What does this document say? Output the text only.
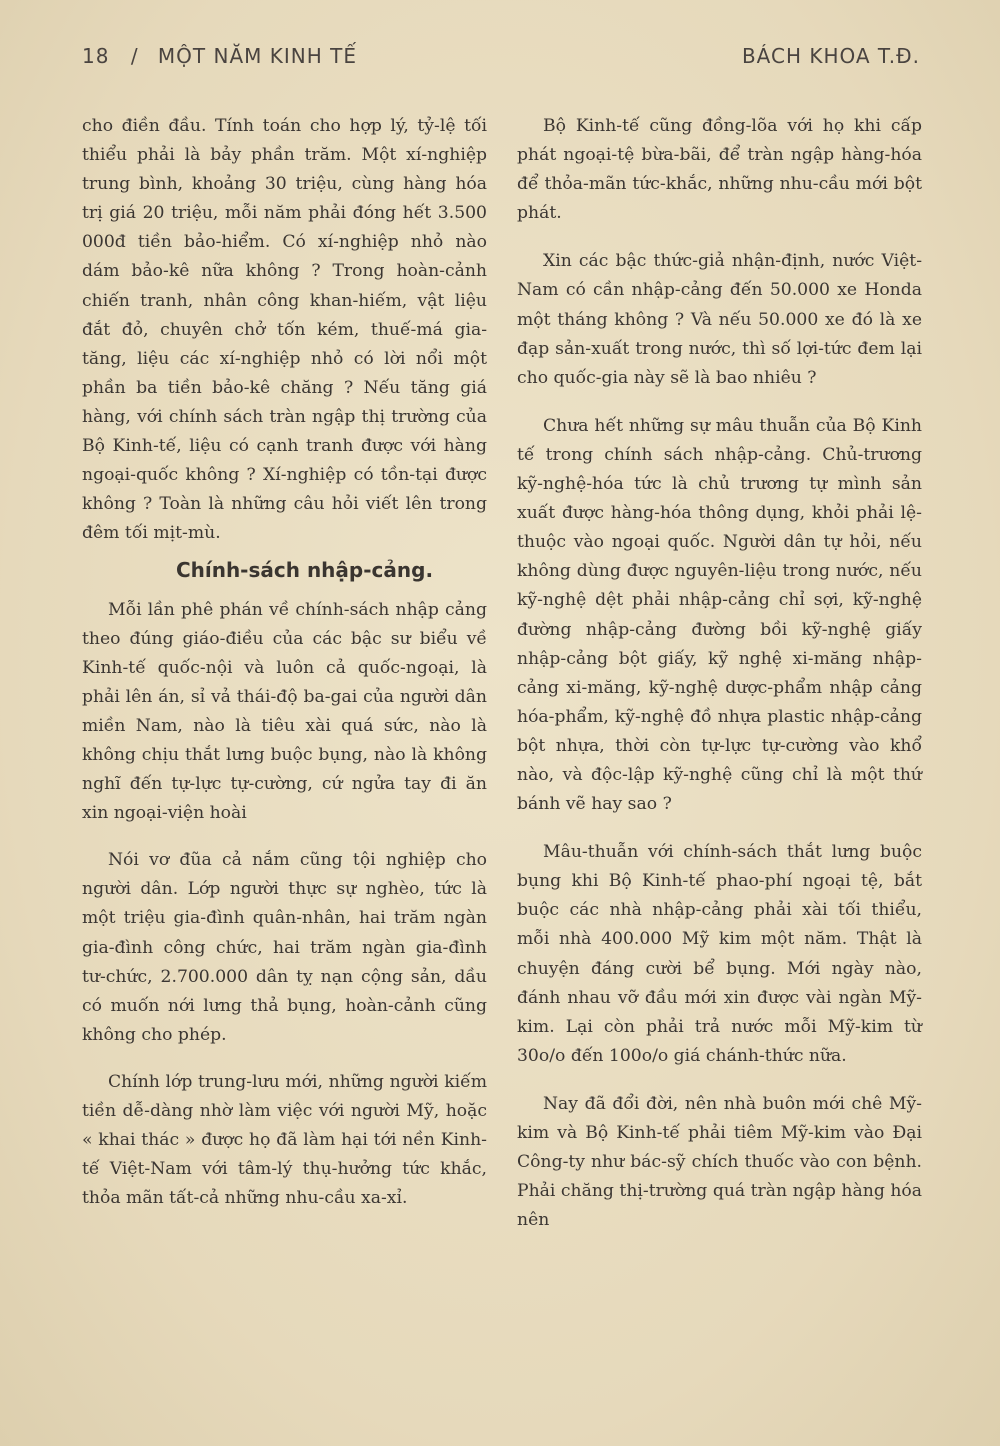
18 / MỘT NĂM KINH TẾ	BÁCH KHOA T.Đ.

cho điền đầu. Tính toán cho hợp lý, tỷ-lệ tối thiểu phải là bảy phần trăm. Một xí-nghiệp trung bình, khoảng 30 triệu, cùng hàng hóa trị giá 20 triệu, mỗi năm phải đóng hết 3.500 000đ tiền bảo-hiểm. Có xí-nghiệp nhỏ nào dám bảo-kê nữa không ? Trong hoàn-cảnh chiến tranh, nhân công khan-hiếm, vật liệu đắt đỏ, chuyên chở tốn kém, thuế-má gia-tăng, liệu các xí-nghiệp nhỏ có lời nổi một phần ba tiền bảo-kê chăng ? Nếu tăng giá hàng, với chính sách tràn ngập thị trường của Bộ Kinh-tế, liệu có cạnh tranh được với hàng ngoại-quốc không ? Xí-nghiệp có tồn-tại được không ? Toàn là những câu hỏi viết lên trong đêm tối mịt-mù.

Chính-sách nhập-cảng.

Mỗi lần phê phán về chính-sách nhập cảng theo đúng giáo-điều của các bậc sư biểu về Kinh-tế quốc-nội và luôn cả quốc-ngoại, là phải lên án, sỉ vả thái-độ ba-gai của người dân miền Nam, nào là tiêu xài quá sức, nào là không chịu thắt lưng buộc bụng, nào là không nghĩ đến tự-lực tự-cường, cứ ngửa tay đi ăn xin ngoại-viện hoài

Nói vơ đũa cả nắm cũng tội nghiệp cho người dân. Lớp người thực sự nghèo, tức là một triệu gia-đình quân-nhân, hai trăm ngàn gia-đình công chức, hai trăm ngàn gia-đình tư-chức, 2.700.000 dân tỵ nạn cộng sản, dầu có muốn nới lưng thả bụng, hoàn-cảnh cũng không cho phép.

Chính lớp trung-lưu mới, những người kiếm tiền dễ-dàng nhờ làm việc với người Mỹ, hoặc « khai thác » được họ đã làm hại tới nền Kinh-tế Việt-Nam với tâm-lý thụ-hưởng tức khắc, thỏa mãn tất-cả những nhu-cầu xa-xỉ.

Bộ Kinh-tế cũng đồng-lõa với họ khi cấp phát ngoại-tệ bừa-bãi, để tràn ngập hàng-hóa để thỏa-mãn tức-khắc, những nhu-cầu mới bột phát.

Xin các bậc thức-giả nhận-định, nước Việt-Nam có cần nhập-cảng đến 50.000 xe Honda một tháng không ? Và nếu 50.000 xe đó là xe đạp sản-xuất trong nước, thì số lợi-tức đem lại cho quốc-gia này sẽ là bao nhiêu ?

Chưa hết những sự mâu thuẫn của Bộ Kinh tế trong chính sách nhập-cảng. Chủ-trương kỹ-nghệ-hóa tức là chủ trương tự mình sản xuất được hàng-hóa thông dụng, khỏi phải lệ-thuộc vào ngoại quốc. Người dân tự hỏi, nếu không dùng được nguyên-liệu trong nước, nếu kỹ-nghệ dệt phải nhập-cảng chỉ sợi, kỹ-nghệ đường nhập-cảng đường bồi kỹ-nghệ giấy nhập-cảng bột giấy, kỹ nghệ xi-măng nhập-cảng xi-măng, kỹ-nghệ dược-phẩm nhập cảng hóa-phẩm, kỹ-nghệ đồ nhựa plastic nhập-cảng bột nhựa, thời còn tự-lực tự-cường vào khổ nào, và độc-lập kỹ-nghệ cũng chỉ là một thứ bánh vẽ hay sao ?

Mâu-thuẫn với chính-sách thắt lưng buộc bụng khi Bộ Kinh-tế phao-phí ngoại tệ, bắt buộc các nhà nhập-cảng phải xài tối thiểu, mỗi nhà 400.000 Mỹ kim một năm. Thật là chuyện đáng cười bể bụng. Mới ngày nào, đánh nhau vỡ đầu mới xin được vài ngàn Mỹ-kim. Lại còn phải trả nước mỗi Mỹ-kim từ 30o/o đến 100o/o giá chánh-thức nữa.

Nay đã đổi đời, nên nhà buôn mới chê Mỹ-kim và Bộ Kinh-tế phải tiêm Mỹ-kim vào Đại Công-ty như bác-sỹ chích thuốc vào con bệnh. Phải chăng thị-trường quá tràn ngập hàng hóa nên
